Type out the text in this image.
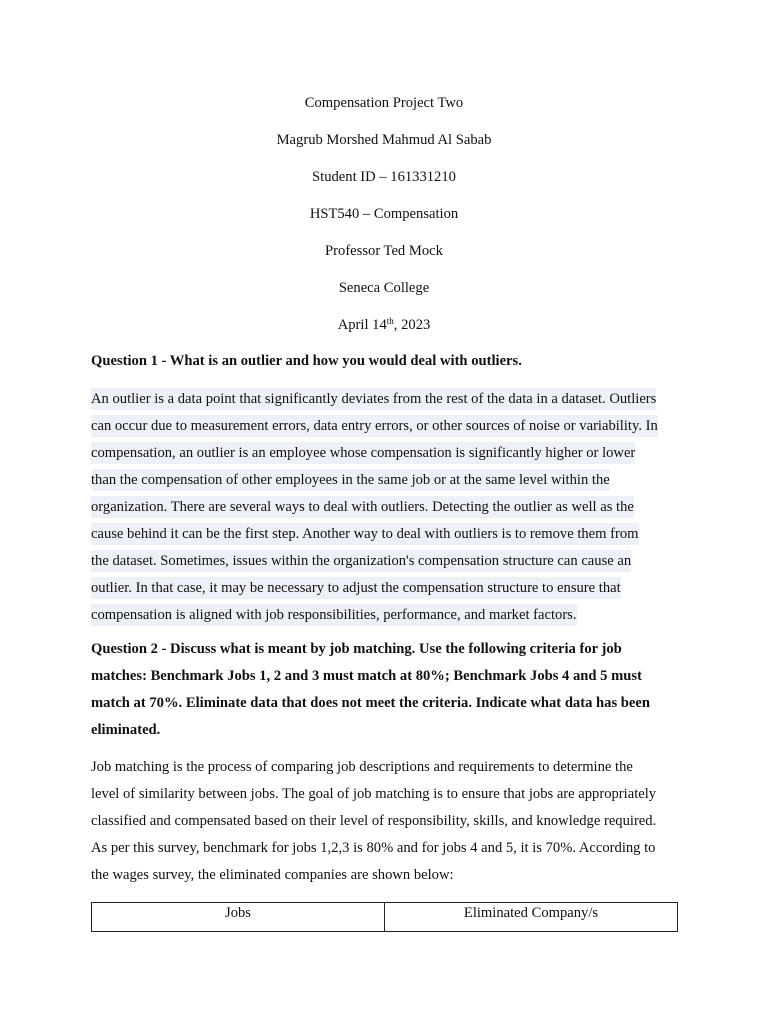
Compensation Project Two
Magrub Morshed Mahmud Al Sabab
Student ID – 161331210
HST540 – Compensation
Professor Ted Mock
Seneca College
April 14th, 2023

Question 1 - What is an outlier and how you would deal with outliers.

An outlier is a data point that significantly deviates from the rest of the data in a dataset. Outliers
can occur due to measurement errors, data entry errors, or other sources of noise or variability. In
compensation, an outlier is an employee whose compensation is significantly higher or lower
than the compensation of other employees in the same job or at the same level within the
organization. There are several ways to deal with outliers. Detecting the outlier as well as the
cause behind it can be the first step. Another way to deal with outliers is to remove them from
the dataset. Sometimes, issues within the organization's compensation structure can cause an
outlier. In that case, it may be necessary to adjust the compensation structure to ensure that
compensation is aligned with job responsibilities, performance, and market factors.
Question 2 - Discuss what is meant by job matching. Use the following criteria for job
matches: Benchmark Jobs 1, 2 and 3 must match at 80%; Benchmark Jobs 4 and 5 must
match at 70%. Eliminate data that does not meet the criteria. Indicate what data has been
eliminated.
Job matching is the process of comparing job descriptions and requirements to determine the
level of similarity between jobs. The goal of job matching is to ensure that jobs are appropriately
classified and compensated based on their level of responsibility, skills, and knowledge required.
As per this survey, benchmark for jobs 1,2,3 is 80% and for jobs 4 and 5, it is 70%. According to
the wages survey, the eliminated companies are shown below:
Jobs	Eliminated Company/s
